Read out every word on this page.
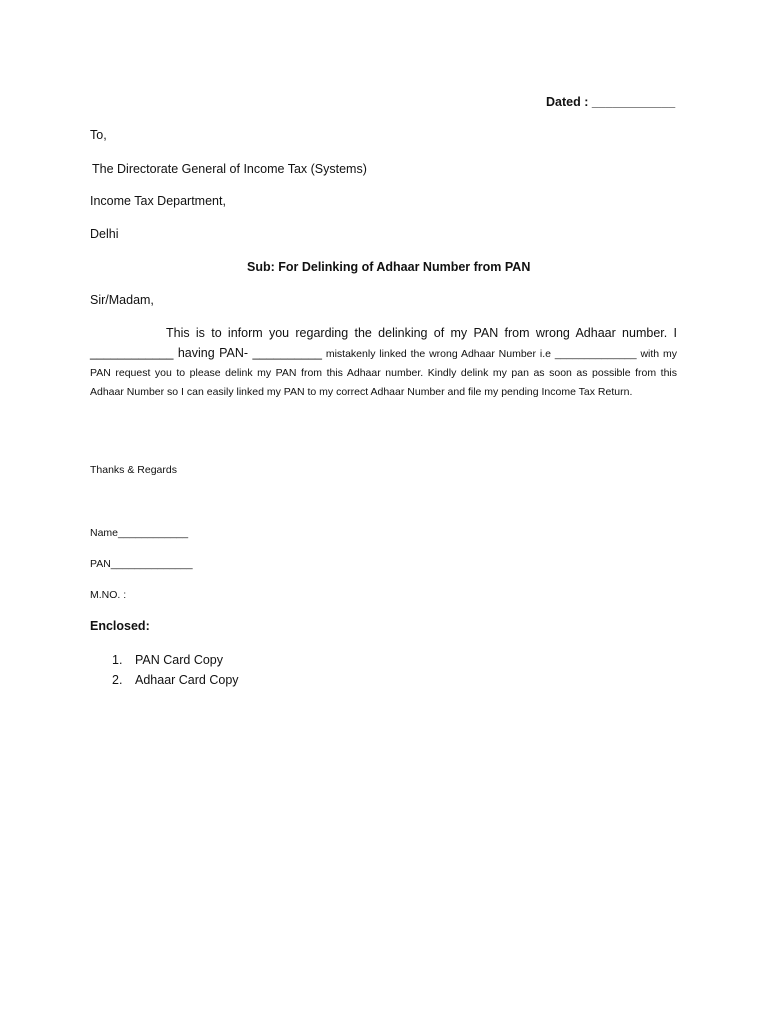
Dated : ____________
To,
The Directorate General of Income Tax (Systems)
Income Tax Department,
Delhi
Sub: For Delinking of Adhaar Number from PAN
Sir/Madam,
This is to inform you regarding the delinking of my PAN from wrong Adhaar number. I ____________ having PAN- __________ mistakenly linked the wrong Adhaar Number i.e ______________ with my PAN request you to please delink my PAN from this Adhaar number. Kindly delink my pan as soon as possible from this Adhaar Number so I can easily linked my PAN to my correct Adhaar Number and file my pending Income Tax Return.
Thanks & Regards
Name____________
PAN______________
M.NO. :
Enclosed:
1. PAN Card Copy
2. Adhaar Card Copy
